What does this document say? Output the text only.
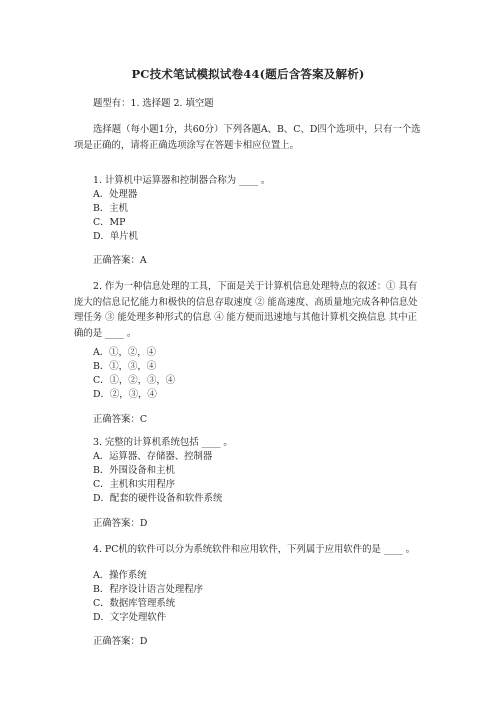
PC技术笔试模拟试卷44(题后含答案及解析)
题型有：1. 选择题 2. 填空题
选择题（每小题1分，共60分）下列各题A、B、C、D四个选项中，只有一个选项是正确的，请将正确选项涂写在答题卡相应位置上。
1. 计算机中运算器和控制器合称为 ____ 。
A．处理器
B．主机
C．MP
D．单片机
正确答案：A
2. 作为一种信息处理的工具，下面是关于计算机信息处理特点的叙述：① 具有庞大的信息记忆能力和极快的信息存取速度 ② 能高速度、高质量地完成各种信息处理任务 ③ 能处理多种形式的信息 ④ 能方便而迅速地与其他计算机交换信息 其中正确的是 ____ 。
A．①，②，④
B．①，③，④
C．①，②，③，④
D．②，③，④
正确答案：C
3. 完整的计算机系统包括 ____ 。
A．运算器、存储器、控制器
B．外围设备和主机
C．主机和实用程序
D．配套的硬件设备和软件系统
正确答案：D
4. PC机的软件可以分为系统软件和应用软件，下列属于应用软件的是 ____ 。
A．操作系统
B．程序设计语言处理程序
C．数据库管理系统
D．文字处理软件
正确答案：D
